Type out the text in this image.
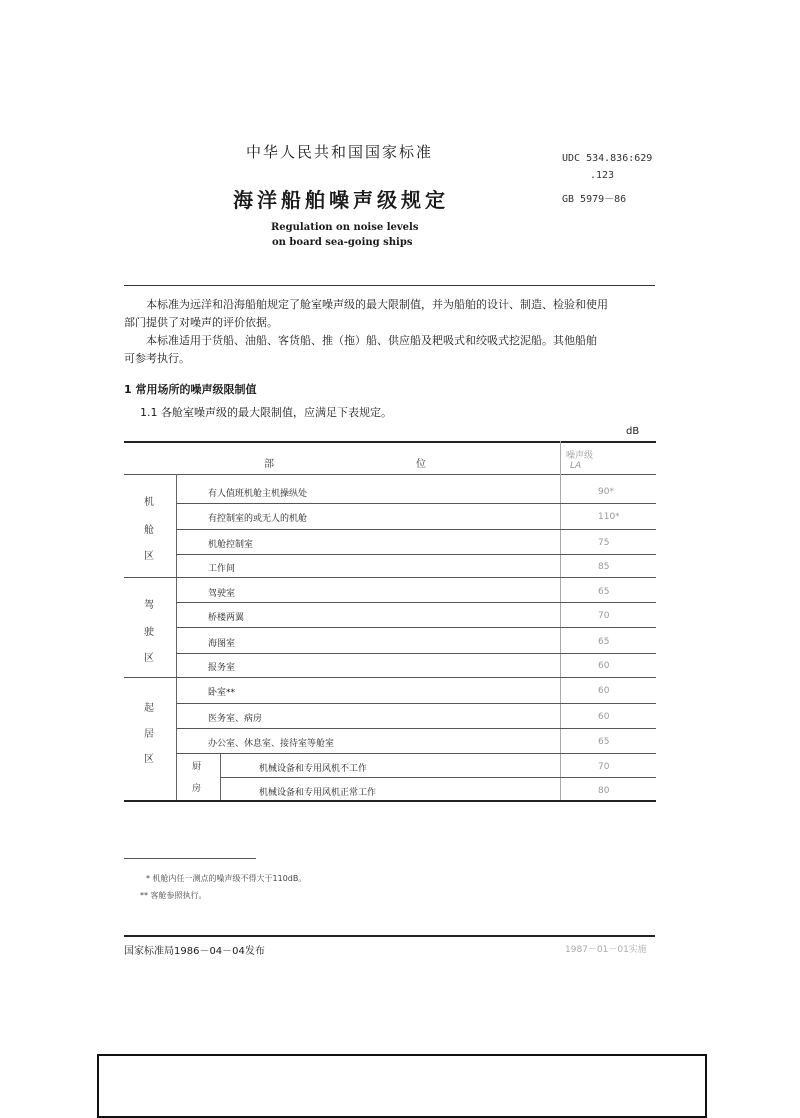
中华人民共和国国家标准	UDC 534.836:629
.123
GB 5979－86
海洋船舶噪声级规定
Regulation on noise levels
on board sea-going ships
本标准为远洋和沿海船舶规定了舱室噪声级的最大限制值，并为船舶的设计、制造、检验和使用
部门提供了对噪声的评价依据。
本标准适用于货船、油船、客货船、推（拖）船、供应船及耙吸式和绞吸式挖泥船。其他船舶
可参考执行。
1 常用场所的噪声级限制值
1.1 各舱室噪声级的最大限制值，应满足下表规定。
dB
部	位
噪声级
LA
机
舱
区
有人值班机舱主机操纵处	90*
有控制室的或无人的机舱	110*
机舱控制室	75
工作间	85
驾
驶
区
驾驶室	65
桥楼两翼	70
海图室	65
报务室	60
起
居
区
卧室**	60
医务室、病房	60
办公室、休息室、接待室等舱室	65
厨
房
机械设备和专用风机不工作	70
机械设备和专用风机正常工作	80
* 机舱内任一测点的噪声级不得大于110dB。
** 客舱参照执行。
国家标准局1986－04－04发布	1987－01－01实施
